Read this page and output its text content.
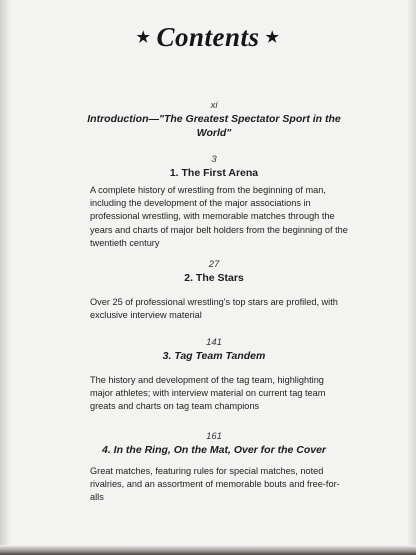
★ Contents ★
xi
Introduction—"The Greatest Spectator Sport in the World"
3
1. The First Arena
A complete history of wrestling from the beginning of man, including the development of the major associations in professional wrestling, with memorable matches through the years and charts of major belt holders from the beginning of the twentieth century
27
2. The Stars
Over 25 of professional wrestling's top stars are profiled, with exclusive interview material
141
3. Tag Team Tandem
The history and development of the tag team, highlighting major athletes; with interview material on current tag team greats and charts on tag team champions
161
4. In the Ring, On the Mat, Over for the Cover
Great matches, featuring rules for special matches, noted rivalries, and an assortment of memorable bouts and free-for-alls
